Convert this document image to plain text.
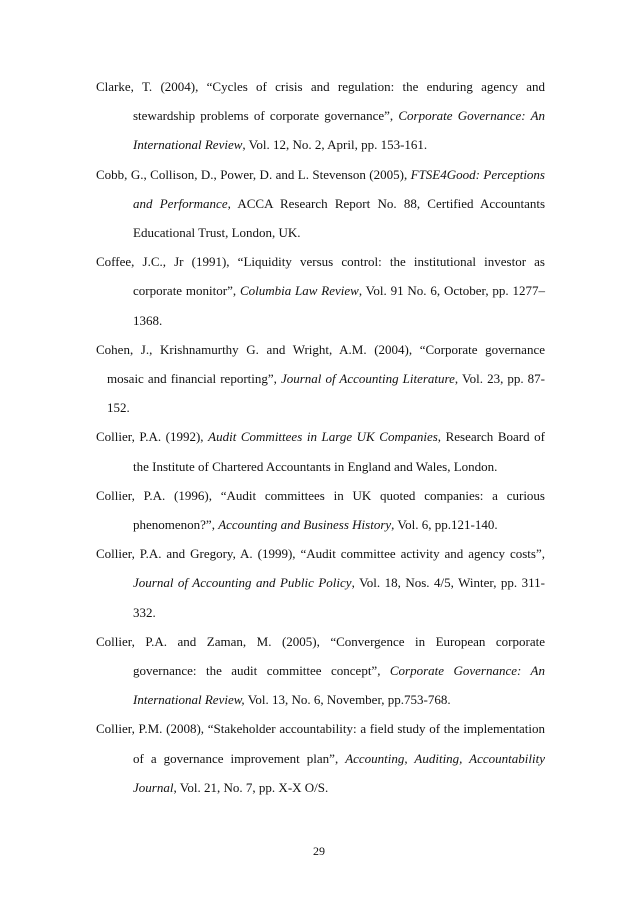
Clarke, T. (2004), “Cycles of crisis and regulation: the enduring agency and stewardship problems of corporate governance”, Corporate Governance: An International Review, Vol. 12, No. 2, April, pp. 153-161.

Cobb, G., Collison, D., Power, D. and L. Stevenson (2005), FTSE4Good: Perceptions and Performance, ACCA Research Report No. 88, Certified Accountants Educational Trust, London, UK.

Coffee, J.C., Jr (1991), “Liquidity versus control: the institutional investor as corporate monitor”, Columbia Law Review, Vol. 91 No. 6, October, pp. 1277–1368.

Cohen, J., Krishnamurthy G. and Wright, A.M. (2004), “Corporate governance mosaic and financial reporting”, Journal of Accounting Literature, Vol. 23, pp. 87-152.

Collier, P.A. (1992), Audit Committees in Large UK Companies, Research Board of the Institute of Chartered Accountants in England and Wales, London.

Collier, P.A. (1996), “Audit committees in UK quoted companies: a curious phenomenon?”, Accounting and Business History, Vol. 6, pp.121-140.

Collier, P.A. and Gregory, A. (1999), “Audit committee activity and agency costs”, Journal of Accounting and Public Policy, Vol. 18, Nos. 4/5, Winter, pp. 311-332.

Collier, P.A. and Zaman, M. (2005), “Convergence in European corporate governance: the audit committee concept”, Corporate Governance: An International Review, Vol. 13, No. 6, November, pp.753-768.

Collier, P.M. (2008), “Stakeholder accountability: a field study of the implementation of a governance improvement plan”, Accounting, Auditing, Accountability Journal, Vol. 21, No. 7, pp. X-X O/S.

29
